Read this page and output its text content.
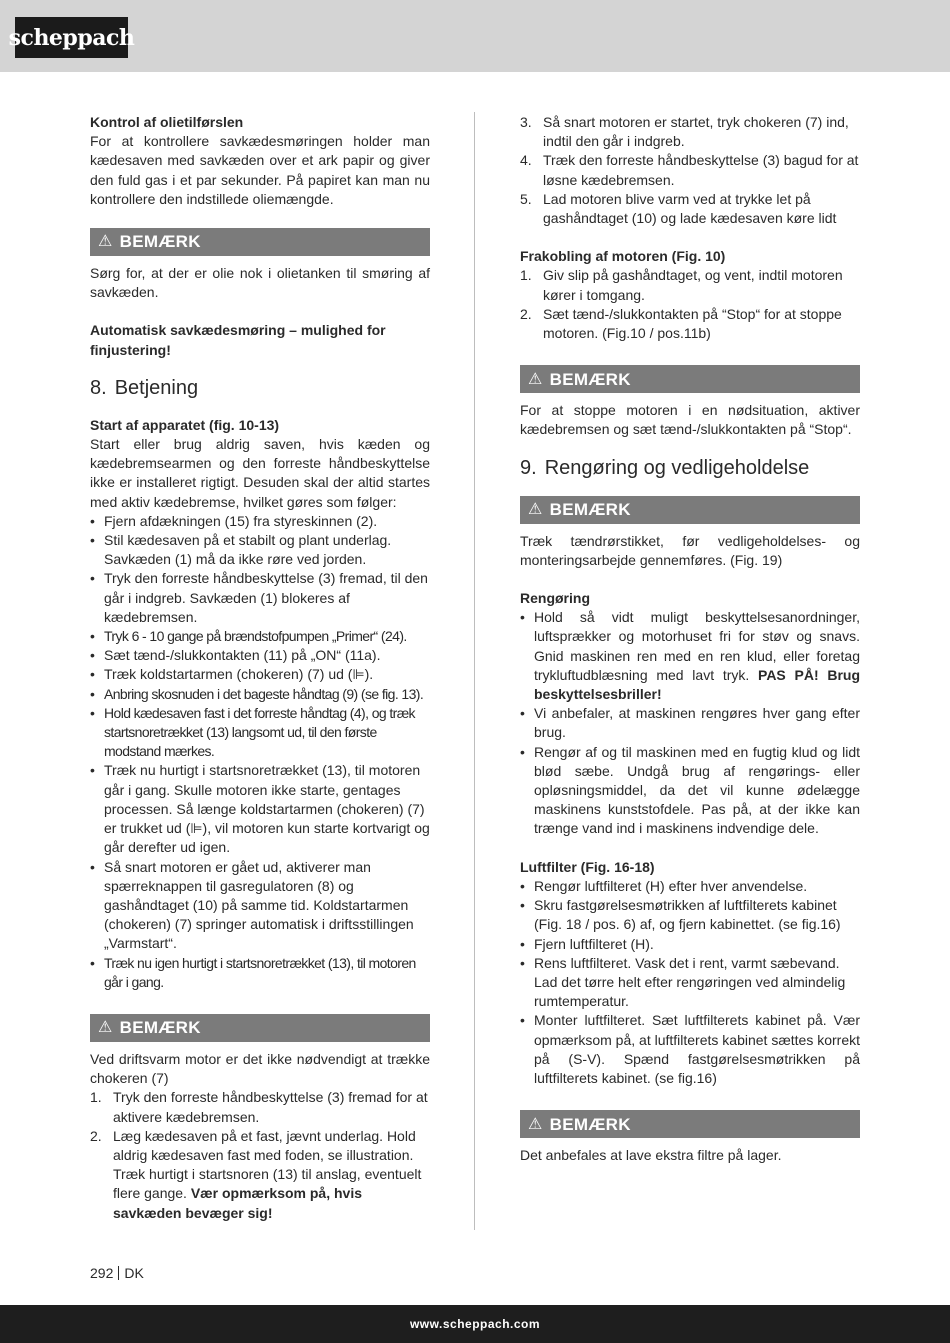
scheppach

Kontrol af olietilførslen

For at kontrollere savkædesmøringen holder man kædesaven med savkæden over et ark papir og giver den fuld gas i et par sekunder. På papiret kan man nu kontrollere den indstillede oliemængde.

⚠ BEMÆRK

Sørg for, at der er olie nok i olietanken til smøring af savkæden.

Automatisk savkædesmøring – mulighed for finjustering!

8. Betjening

Start af apparatet (fig. 10-13)

Start eller brug aldrig saven, hvis kæden og kædebremsearmen og den forreste håndbeskyttelse ikke er installeret rigtigt. Desuden skal der altid startes med aktiv kædebremse, hvilket gøres som følger:

• Fjern afdækningen (15) fra styreskinnen (2).
• Stil kædesaven på et stabilt og plant underlag. Savkæden (1) må da ikke røre ved jorden.
• Tryk den forreste håndbeskyttelse (3) fremad, til den går i indgreb. Savkæden (1) blokeres af kædebremsen.
• Tryk 6 - 10 gange på brændstofpumpen „Primer“ (24).
• Sæt tænd-/slukkontakten (11) på „ON“ (11a).
• Træk koldstartarmen (chokeren) (7) ud (⊫).
• Anbring skosnuden i det bageste håndtag (9) (se fig. 13).
• Hold kædesaven fast i det forreste håndtag (4), og træk startsnoretrækket (13) langsomt ud, til den første modstand mærkes.
• Træk nu hurtigt i startsnoretrækket (13), til motoren går i gang. Skulle motoren ikke starte, gentages processen. Så længe koldstartarmen (chokeren) (7) er trukket ud (⊫), vil motoren kun starte kortvarigt og går derefter ud igen.
• Så snart motoren er gået ud, aktiverer man spærreknappen til gasregulatoren (8) og gashåndtaget (10) på samme tid. Koldstartarmen (chokeren) (7) springer automatisk i driftsstillingen „Varmstart“.
• Træk nu igen hurtigt i startsnoretrækket (13), til motoren går i gang.
⚠ BEMÆRK

Ved driftsvarm motor er det ikke nødvendigt at trække chokeren (7)

1. Tryk den forreste håndbeskyttelse (3) fremad for at aktivere kædebremsen.
2. Læg kædesaven på et fast, jævnt underlag. Hold aldrig kædesaven fast med foden, se illustration. Træk hurtigt i startsnoren (13) til anslag, eventuelt flere gange. Vær opmærksom på, hvis savkæden bevæger sig!
3. Så snart motoren er startet, tryk chokeren (7) ind, indtil den går i indgreb.
4. Træk den forreste håndbeskyttelse (3) bagud for at løsne kædebremsen.
5. Lad motoren blive varm ved at trykke let på gashåndtaget (10) og lade kædesaven køre lidt

Frakobling af motoren (Fig. 10)

1. Giv slip på gashåndtaget, og vent, indtil motoren kører i tomgang.
2. Sæt tænd-/slukkontakten på “Stop“ for at stoppe motoren. (Fig.10 / pos.11b)
⚠ BEMÆRK

For at stoppe motoren i en nødsituation, aktiver kædebremsen og sæt tænd-/slukkontakten på “Stop“.

9. Rengøring og vedligeholdelse
⚠ BEMÆRK

Træk tændrørstikket, før vedligeholdelses- og monteringsarbejde gennemføres. (Fig. 19)

Rengøring

• Hold så vidt muligt beskyttelsesanordninger, luftsprækker og motorhuset fri for støv og snavs. Gnid maskinen ren med en ren klud, eller foretag trykluftudblæsning med lavt tryk. PAS PÅ! Brug beskyttelsesbriller!
• Vi anbefaler, at maskinen rengøres hver gang efter brug.
• Rengør af og til maskinen med en fugtig klud og lidt blød sæbe. Undgå brug af rengørings- eller opløsningsmiddel, da det vil kunne ødelægge maskinens kunststofdele. Pas på, at der ikke kan trænge vand ind i maskinens indvendige dele.

Luftfilter (Fig. 16-18)

• Rengør luftfilteret (H) efter hver anvendelse.
• Skru fastgørelsesmøtrikken af luftfilterets kabinet (Fig. 18 / pos. 6) af, og fjern kabinettet. (se fig.16)
• Fjern luftfilteret (H).
• Rens luftfilteret. Vask det i rent, varmt sæbevand. Lad det tørre helt efter rengøringen ved almindelig rumtemperatur.
• Monter luftfilteret. Sæt luftfilterets kabinet på. Vær opmærksom på, at luftfilterets kabinet sættes korrekt på (S-V). Spænd fastgørelsesmøtrikken på luftfilterets kabinet. (se fig.16)
⚠ BEMÆRK

Det anbefales at lave ekstra filtre på lager.

292 DK
www.scheppach.com
